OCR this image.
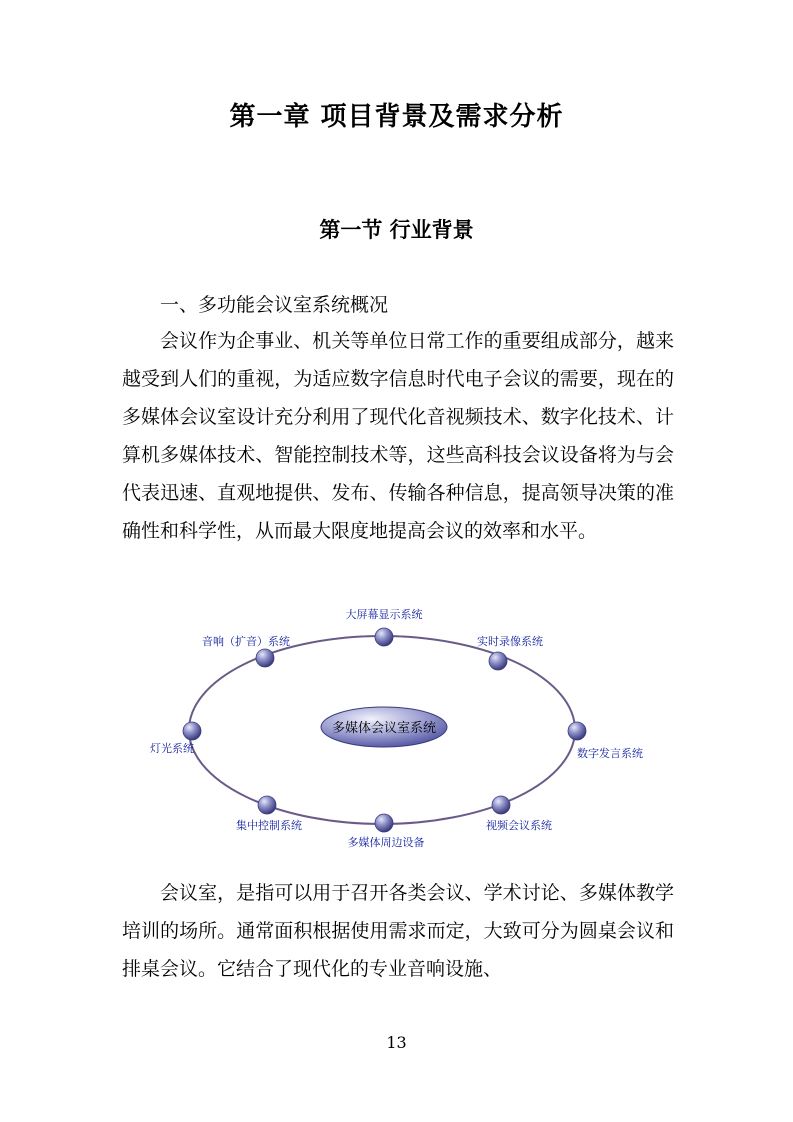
第一章 项目背景及需求分析
第一节 行业背景

一、多功能会议室系统概况

会议作为企事业、机关等单位日常工作的重要组成部分，越来越受到人们的重视，为适应数字信息时代电子会议的需要，现在的多媒体会议室设计充分利用了现代化音视频技术、数字化技术、计算机多媒体技术、智能控制技术等，这些高科技会议设备将为与会代表迅速、直观地提供、发布、传输各种信息，提高领导决策的准确性和科学性，从而最大限度地提高会议的效率和水平。

多媒体会议室系统
大屏幕显示系统
实时录像系统
数字发言系统
视频会议系统
多媒体周边设备
集中控制系统
灯光系统
音响（扩音）系统

会议室，是指可以用于召开各类会议、学术讨论、多媒体教学培训的场所。通常面积根据使用需求而定，大致可分为圆桌会议和排桌会议。它结合了现代化的专业音响设施、

13
